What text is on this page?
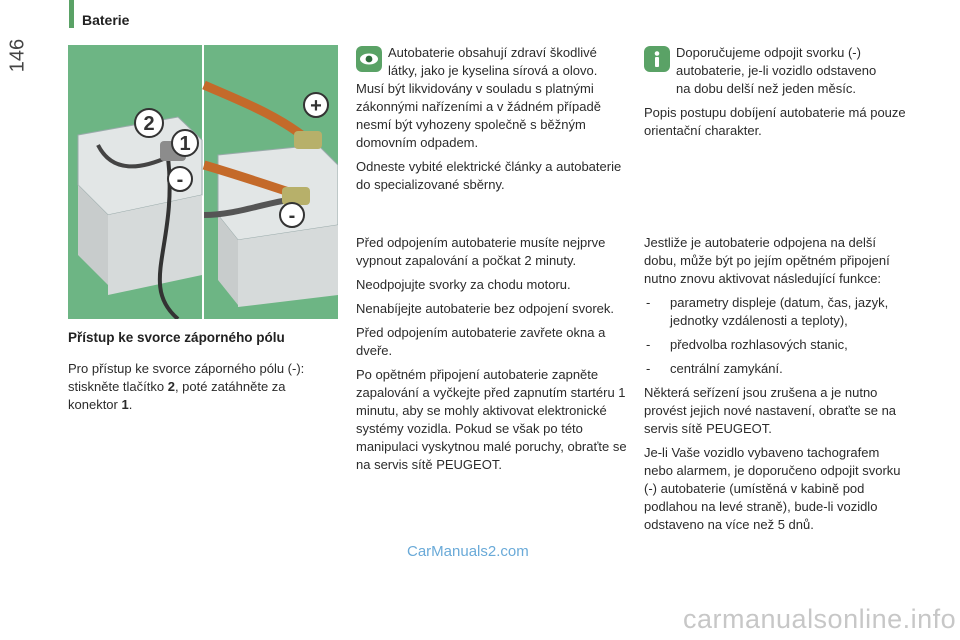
Baterie
146
2
1
-
+
-
Přístup ke svorce záporného pólu

Pro přístup ke svorce záporného pólu (-): stiskněte tlačítko 2, poté zatáhněte za konektor 1.

Autobaterie obsahují zdraví škodlivé

látky, jako je kyselina sírová a olovo.

Musí být likvidovány v souladu s platnými zákonnými nařízeními a v žádném případě nesmí být vyhozeny společně s běžným domovním odpadem.

Odneste vybité elektrické články a autobaterie do specializované sběrny.

Před odpojením autobaterie musíte nejprve vypnout zapalování a počkat 2 minuty.

Neodpojujte svorky za chodu motoru.

Nenabíjejte autobaterie bez odpojení svorek.

Před odpojením autobaterie zavřete okna a dveře.

Po opětném připojení autobaterie zapněte zapalování a vyčkejte před zapnutím startéru 1 minutu, aby se mohly aktivovat elektronické systémy vozidla. Pokud se však po této manipulaci vyskytnou malé poruchy, obraťte se na servis sítě PEUGEOT.

Doporučujeme odpojit svorku (-)

autobaterie, je-li vozidlo odstaveno

na dobu delší než jeden měsíc.

Popis postupu dobíjení autobaterie má pouze orientační charakter.

Jestliže je autobaterie odpojena na delší dobu, může být po jejím opětném připojení nutno znovu aktivovat následující funkce:

- parametry displeje (datum, čas, jazyk, jednotky vzdálenosti a teploty),
- předvolba rozhlasových stanic,
- centrální zamykání.

Některá seřízení jsou zrušena a je nutno provést jejich nové nastavení, obraťte se na servis sítě PEUGEOT.

Je-li Vaše vozidlo vybaveno tachografem nebo alarmem, je doporučeno odpojit svorku (-) autobaterie (umístěná v kabině pod podlahou na levé straně), bude-li vozidlo odstaveno na více než 5 dnů.

CarManuals2.com
carmanualsonline.info
